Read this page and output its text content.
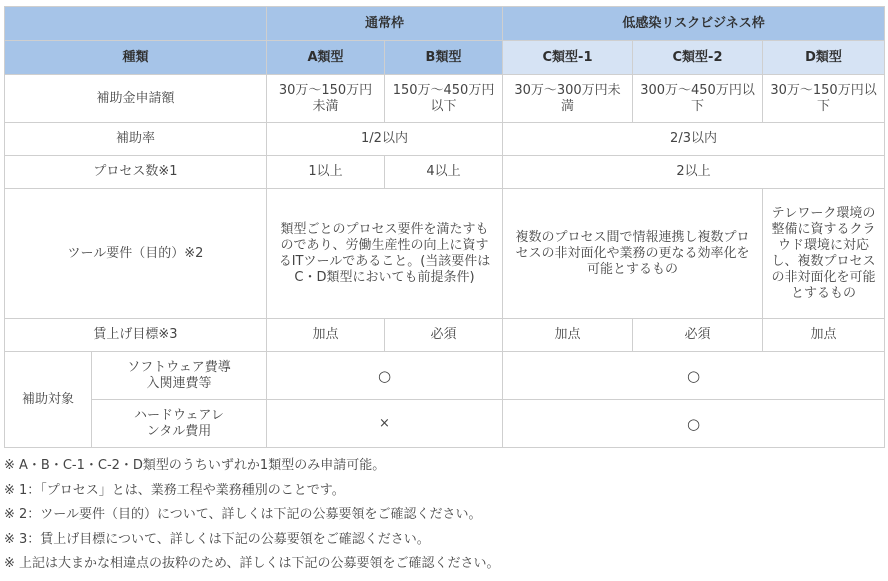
		通常枠		低感染リスクビジネス枠		
種類		A類型	B類型	C類型-1	C類型-2	D類型
補助金申請額		30万～150万円未満	150万～450万円以下	30万～300万円未満	300万～450万円以下	30万～150万円以下
補助率		1/2以内		2/3以内		
プロセス数※1		1以上	4以上	2以上		
ツール要件（目的）※2		類型ごとのプロセス要件を満たすものであり、労働生産性の向上に資するITツールであること。(当該要件はC・D類型においても前提条件)		複数のプロセス間で情報連携し複数プロセスの非対面化や業務の更なる効率化を可能とするもの		テレワーク環境の整備に資するクラウド環境に対応し、複数プロセスの非対面化を可能とするもの
賃上げ目標※3		加点	必須	加点	必須	加点
補助対象	ソフトウェア費導入関連費等	○		○		
	ハードウェアレンタル費用	×		○		
※ A・B・C-1・C-2・D類型のうちいずれか1類型のみ申請可能。
※ 1：「プロセス」とは、業務工程や業務種別のことです。
※ 2：ツール要件（目的）について、詳しくは下記の公募要領をご確認ください。
※ 3：賃上げ目標について、詳しくは下記の公募要領をご確認ください。
※ 上記は大まかな相違点の抜粋のため、詳しくは下記の公募要領をご確認ください。
